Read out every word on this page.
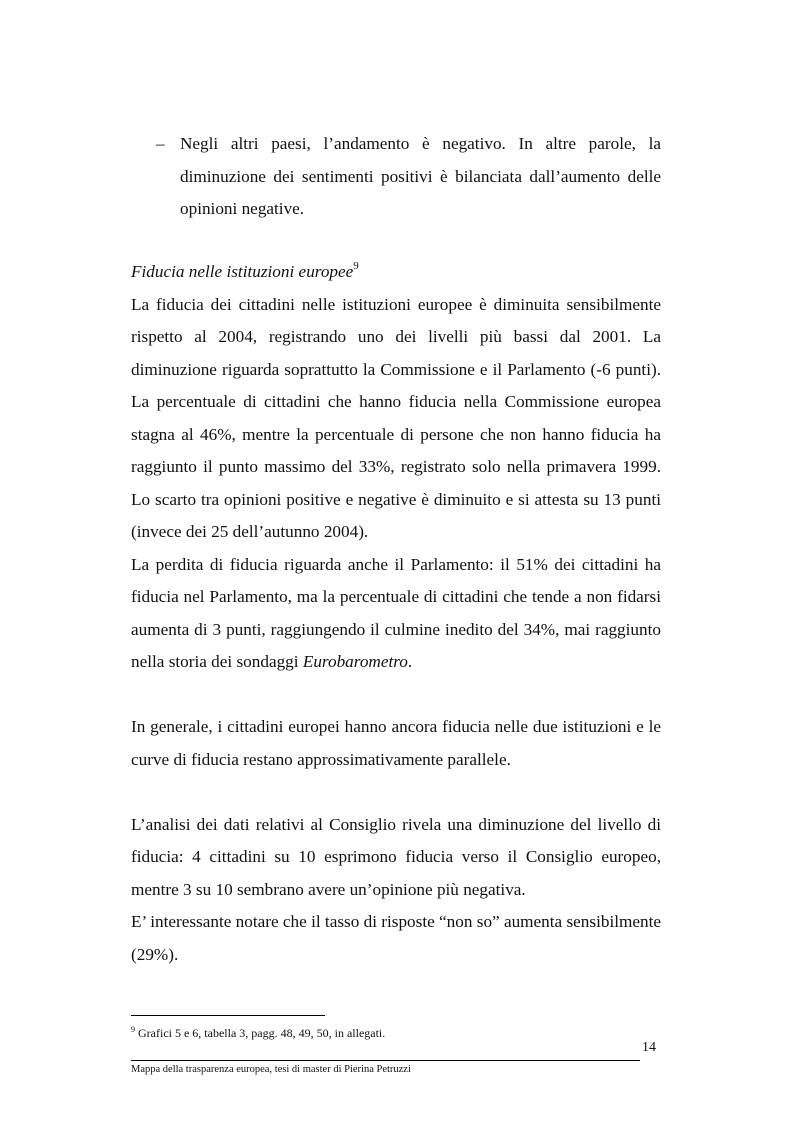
– Negli altri paesi, l’andamento è negativo. In altre parole, la diminuzione dei sentimenti positivi è bilanciata dall’aumento delle opinioni negative.

Fiducia nelle istituzioni europee$^9$

La fiducia dei cittadini nelle istituzioni europee è diminuita sensibilmente rispetto al 2004, registrando uno dei livelli più bassi dal 2001. La diminuzione riguarda soprattutto la Commissione e il Parlamento (-6 punti). La percentuale di cittadini che hanno fiducia nella Commissione europea stagna al 46%, mentre la percentuale di persone che non hanno fiducia ha raggiunto il punto massimo del 33%, registrato solo nella primavera 1999. Lo scarto tra opinioni positive e negative è diminuito e si attesta su 13 punti (invece dei 25 dell’autunno 2004).

La perdita di fiducia riguarda anche il Parlamento: il 51% dei cittadini ha fiducia nel Parlamento, ma la percentuale di cittadini che tende a non fidarsi aumenta di 3 punti, raggiungendo il culmine inedito del 34%, mai raggiunto nella storia dei sondaggi Eurobarometro.

In generale, i cittadini europei hanno ancora fiducia nelle due istituzioni e le curve di fiducia restano approssimativamente parallele.

L’analisi dei dati relativi al Consiglio rivela una diminuzione del livello di fiducia: 4 cittadini su 10 esprimono fiducia verso il Consiglio europeo, mentre 3 su 10 sembrano avere un’opinione più negativa.

E’ interessante notare che il tasso di risposte “non so” aumenta sensibilmente (29%).

$^9$ Grafici 5 e 6, tabella 3, pagg. 48, 49, 50, in allegati.
14
Mappa della trasparenza europea, tesi di master di Pierina Petruzzi
